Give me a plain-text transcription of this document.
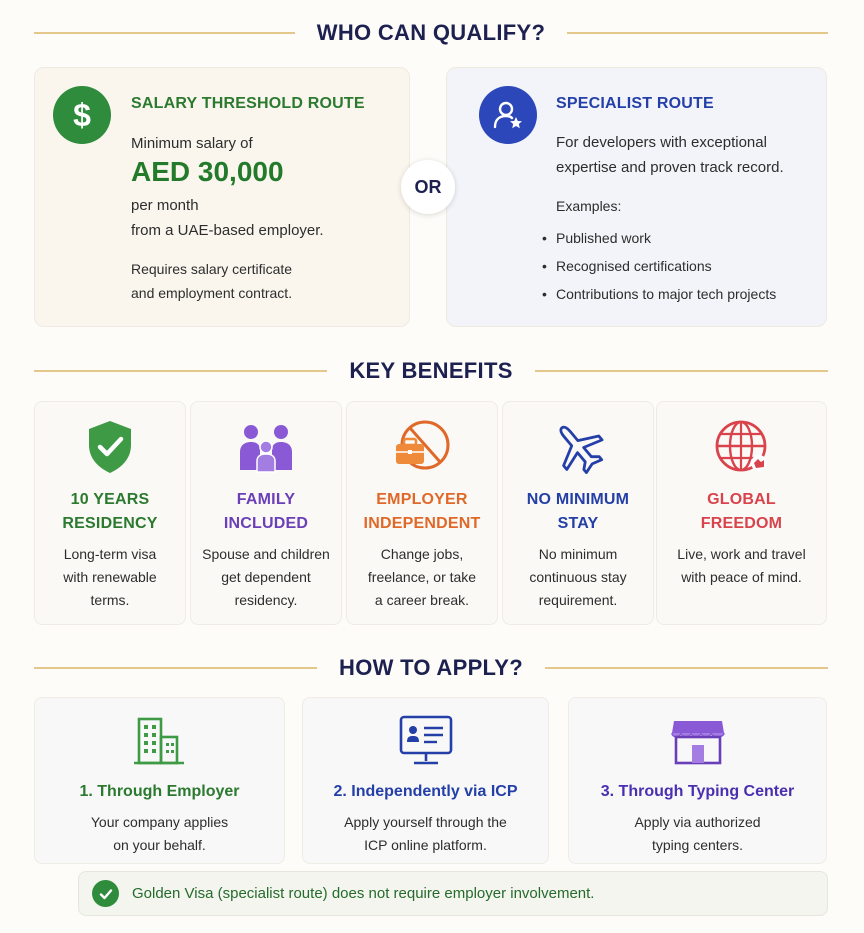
WHO CAN QUALIFY?
$	SALARY THRESHOLD ROUTE
Minimum salary of
AED 30,000
per month
from a UAE-based employer.
Requires salary certificate
and employment contract.
SPECIALIST ROUTE
For developers with exceptional
expertise and proven track record.
Examples:
• Published work
• Recognised certifications
• Contributions to major tech projects
OR
KEY BENEFITS
10 YEARS
RESIDENCY
Long-term visa
with renewable
terms.
FAMILY
INCLUDED
Spouse and children
get dependent
residency.
EMPLOYER
INDEPENDENT
Change jobs,
freelance, or take
a career break.
NO MINIMUM
STAY
No minimum
continuous stay
requirement.
GLOBAL
FREEDOM
Live, work and travel
with peace of mind.
HOW TO APPLY?
1. Through Employer
Your company applies
on your behalf.
2. Independently via ICP
Apply yourself through the
ICP online platform.
3. Through Typing Center
Apply via authorized
typing centers.
Golden Visa (specialist route) does not require employer involvement.
